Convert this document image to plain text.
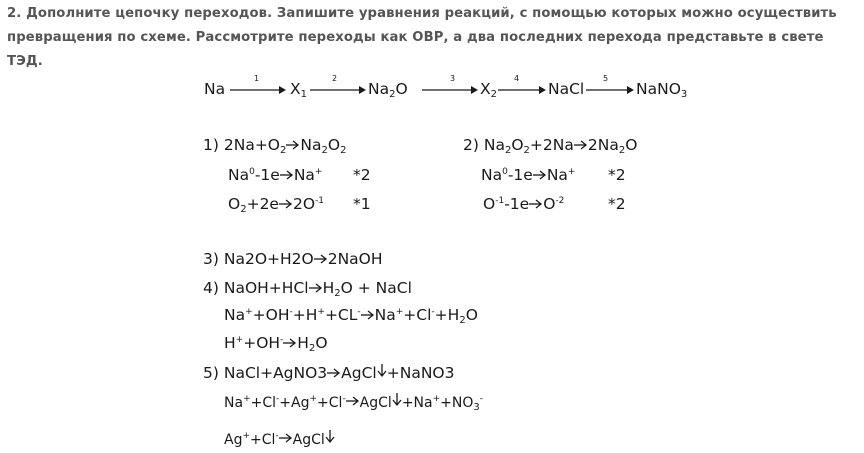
2. Дополните цепочку переходов. Запишите уравнения реакций, с помощью которых можно осуществить превращения по схеме. Рассмотрите переходы как ОВР, а два последних перехода представьте в свете ТЭД.
Na
1
$X_1$
2
$Na_2O$
3
$X_2$
4
NaCl
5
NaNO$_3$
1) $2Na+O_2$ $Na_2O_2$
Na$^0$-1e Na+ *2
$O_2+2e$ $2O^{-1}$ *1
2) $Na_2O_2+2Na$ $2Na_2O$
Na$^0$-1e Na+ *2
$O^{-1}-1e$ $O^{-2}$	*2
3) Na2O+H2O 2NaOH
4) NaOH+HCl $H_2O$ + NaCl
Na++OH-+H++CL- $Na^++Cl^-+H_2O$
H++OH- $H_2O$
5) NaCl+AgNO3 AgCl +NaNO3
Na++Cl-+Ag++Cl- AgCl $+Na^++NO_3^-$
Ag++Cl- AgCl
